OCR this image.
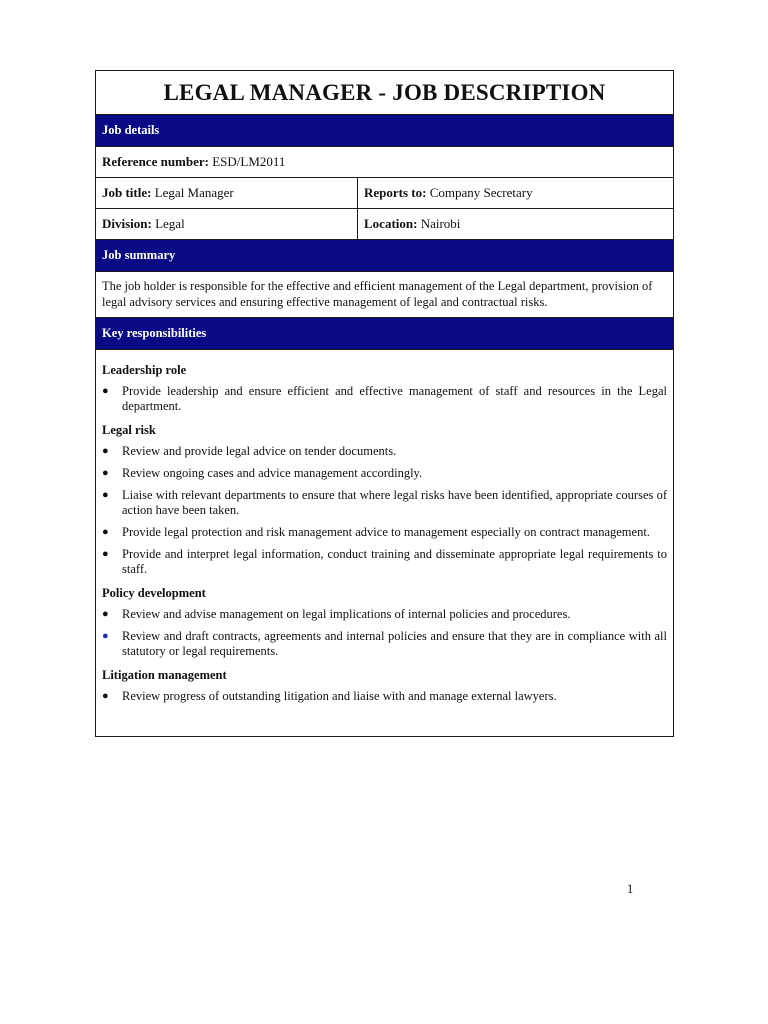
LEGAL MANAGER - JOB DESCRIPTION
Job details
Reference number: ESD/LM2011
Job title: Legal Manager	Reports to: Company Secretary
Division: Legal	Location: Nairobi
Job summary
The job holder is responsible for the effective and efficient management of the Legal department, provision of legal advisory services and ensuring effective management of legal and contractual risks.
Key responsibilities
Leadership role
● Provide leadership and ensure efficient and effective management of staff and resources in the Legal department.
Legal risk
● Review and provide legal advice on tender documents.
● Review ongoing cases and advice management accordingly.
● Liaise with relevant departments to ensure that where legal risks have been identified, appropriate courses of action have been taken.
● Provide legal protection and risk management advice to management especially on contract management.
● Provide and interpret legal information, conduct training and disseminate appropriate legal requirements to staff.
Policy development
● Review and advise management on legal implications of internal policies and procedures.
● Review and draft contracts, agreements and internal policies and ensure that they are in compliance with all statutory or legal requirements.
Litigation management
● Review progress of outstanding litigation and liaise with and manage external lawyers.
1
